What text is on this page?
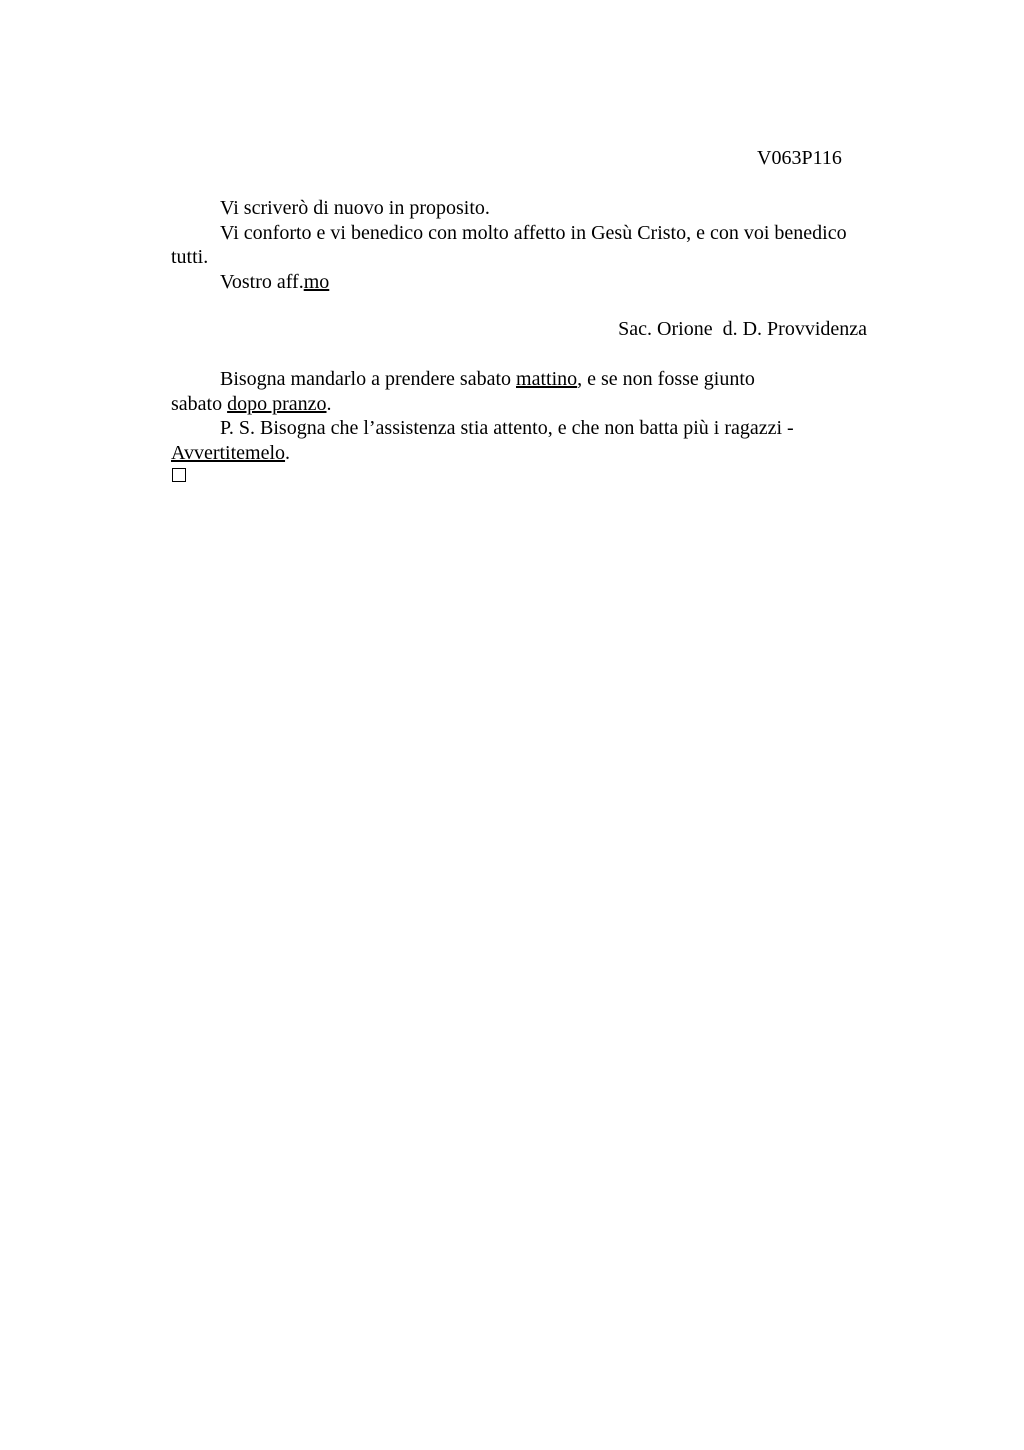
V063P116
Vi scriverò di nuovo in proposito.
Vi conforto e vi benedico con molto affetto in Gesù Cristo, e con voi benedico
tutti.
Vostro aff.mo
Sac. Orione  d. D. Provvidenza
Bisogna mandarlo a prendere sabato mattino, e se non fosse giunto
sabato dopo pranzo.
P. S. Bisogna che l’assistenza stia attento, e che non batta più i ragazzi -
Avvertitemelo.
